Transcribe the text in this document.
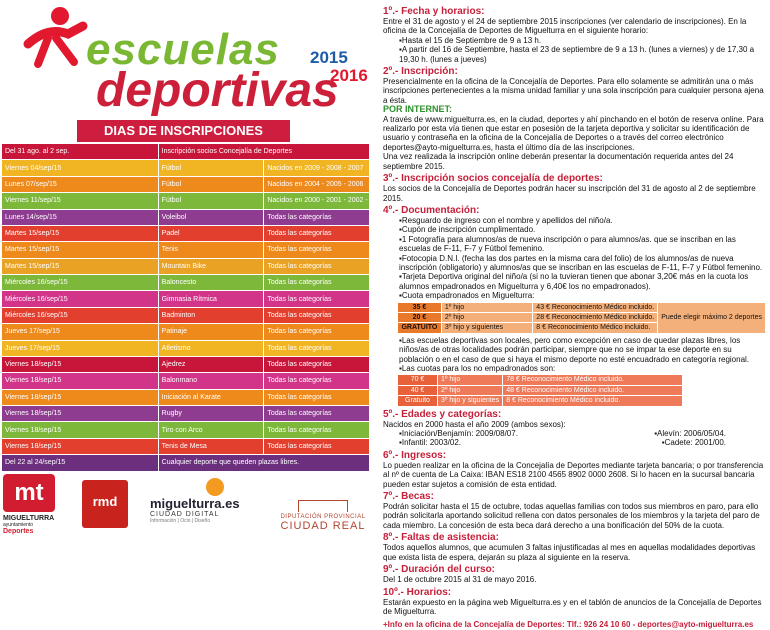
escuelas
deportivas
2015
2016
DIAS DE INSCRIPCIONES
Del 31 ago. al 2 sep.	Inscripción socios Concejalía de Deportes	
Viernes 04/sep/15	Fútbol	Nacidos en 2009 - 2008 - 2007
Lunes 07/sep/15	Fútbol	Nacidos en 2004 - 2005 - 2006
Viernes 11/sep/15	Fútbol	Nacidos en 2000 - 2001 - 2002 - 2003
Lunes 14/sep/15	Voleibol	Todas las categorías
Martes 15/sep/15	Padel	Todas las categorías
Martes 15/sep/15	Tenis	Todas las categorías
Martes 15/sep/15	Mountain Bike	Todas las categorías
Miércoles 16/sep/15	Baloncesto	Todas las categorías
Miércoles 16/sep/15	Gimnasia Rítmica	Todas las categorías
Miércoles 16/sep/15	Badminton	Todas las categorías
Jueves 17/sep/15	Patinaje	Todas las categorías
Jueves 17/sep/15	Atletismo	Todas las categorías
Viernes 18/sep/15	Ajedrez	Todas las categorías
Viernes 18/sep/15	Balonmano	Todas las categorías
Viernes 18/sep/15	Iniciación al Karate	Todas las categorías
Viernes 18/sep/15	Rugby	Todas las categorías
Viernes 18/sep/15	Tiro con Arco	Todas las categorías
Viernes 18/sep/15	Tenis de Mesa	Todas las categorías
Del 22 al 24/sep/15	Cualquier deporte que queden plazas libres.	
mt
MIGUELTURRA
ayuntamiento
Deportes
rmd	miguelturra.es
CIUDAD DIGITAL
Información | Ocio | Diseño
DIPUTACIÓN PROVINCIAL
CIUDAD REAL
1º.- Fecha y horarios:
Entre el 31 de agosto y el 24 de septiembre 2015 inscripciones (ver calendario de inscripciones). En la oficina de la Concejalía de Deportes de Miguelturra en el siguiente horario:
▪ Hasta el 15 de Septiembre de 9 a 13 h.
▪ A partir del 16 de Septiembre, hasta el 23 de septiembre de 9 a 13 h. (lunes a viernes) y de 17,30 a 19,30 h. (lunes a jueves)
2º.- Inscripción:
Presencialmente en la oficina de la Concejalía de Deportes. Para ello solamente se admitirán una o más inscripciones pertenecientes a la misma unidad familiar y una sola inscripción para cualquier persona ajena a ésta.
POR INTERNET:
A través de www.miguelturra.es, en la ciudad, deportes y ahí pinchando en el botón de reserva online. Para realizarlo por esta vía tienen que estar en posesión de la tarjeta deportiva y solicitar su identificación de usuario y contraseña en la oficina de la Concejalía de Deportes o a través del correo electrónico deportes@ayto-miguelturra.es, hasta el último día de las inscripciones.
Una vez realizada la inscripción online deberán presentar la documentación requerida antes del 24 septiembre 2015.
3º.- Inscripción socios concejalía de deportes:
Los socios de la Concejalía de Deportes podrán hacer su inscripción del 31 de agosto al 2 de septiembre 2015.
4º.- Documentación:
▪ Resguardo de ingreso con el nombre y apellidos del niño/a.
▪ Cupón de inscripción cumplimentado.
▪ 1 Fotografía para alumnos/as de nueva inscripción o para alumnos/as. que se inscriban en las escuelas de F-11, F-7 y Fútbol femenino.
▪ Fotocopia D.N.I. (fecha las dos partes en la misma cara del folio) de los alumnos/as de nueva inscripción (obligatorio) y alumnos/as que se inscriban en las escuelas de F-11, F-7 y Fútbol femenino.
▪ Tarjeta Deportiva original del niño/a (si no la tuvieran tienen que abonar 3,20€ más en la cuota los alumnos empadronados en Miguelturra y 6,40€ los no empadronados).
▪ Cuota empadronados en Miguelturra:
35 €	1º hijo	43 € Reconocimiento Médico incluido.	Puede elegir máximo 2 deportes
20 €	2º hijo	28 € Reconocimiento Médico incluido.	
GRATUITO	3º hijo y siguientes	8 € Reconocimiento Médico incluido.	
▪ Las escuelas deportivas son locales, pero como excepción en caso de quedar plazas libres, los niños/as de otras localidades podrán participar, siempre que no se impar ta ese deporte en su población o en el caso de que si haya el mismo deporte no esté encuadrado en categoría regional.
▪ Las cuotas para los no empadronados son:
70 €	1º hijo	78 € Reconocimiento Médico incluido.
40 €	2º hijo	48 € Reconocimiento Médico incluido.
Gratuito	3º hijo y siguientes	8 € Reconocimiento Médico incluido.
5º.- Edades y categorías:
Nacidos en 2000 hasta el año 2009 (ambos sexos):
▪ Iniciación/Benjamín: 2009/08/07.	▪ Alevín: 2006/05/04.
▪ Infantil: 2003/02.	▪ Cadete: 2001/00.
6º.- Ingresos:
Lo pueden realizar en la oficina de la Concejalía de Deportes mediante tarjeta bancaria; o por transferencia al nº de cuenta de La Caixa: IBAN ES18 2100 4565 8902 0000 2608. Si lo hacen en la sucursal bancaria pueden estar sujetos a comisión de esta entidad.
7º.- Becas:
Podrán solicitar hasta el 15 de octubre, todas aquellas familias con todos sus miembros en paro, para ello podrán solicitarla aportando solicitud rellena con datos personales de los miembros y la tarjeta del paro de cada miembro. La concesión de esta beca dará derecho a una bonificación del 50% de la cuota.
8º.- Faltas de asistencia:
Todos aquellos alumnos, que acumulen 3 faltas injustificadas al mes en aquellas modalidades deportivas que exista lista de espera, dejarán su plaza al siguiente en la reserva.
9º.- Duración del curso:
Del 1 de octubre 2015 al 31 de mayo 2016.
10º.- Horarios:
Estarán expuesto en la página web Miguelturra.es y en el tablón de anuncios de la Concejalía de Deportes de Miguelturra.
+Info en la oficina de la Concejalía de Deportes: Tlf.: 926 24 10 60 - deportes@ayto-miguelturra.es
